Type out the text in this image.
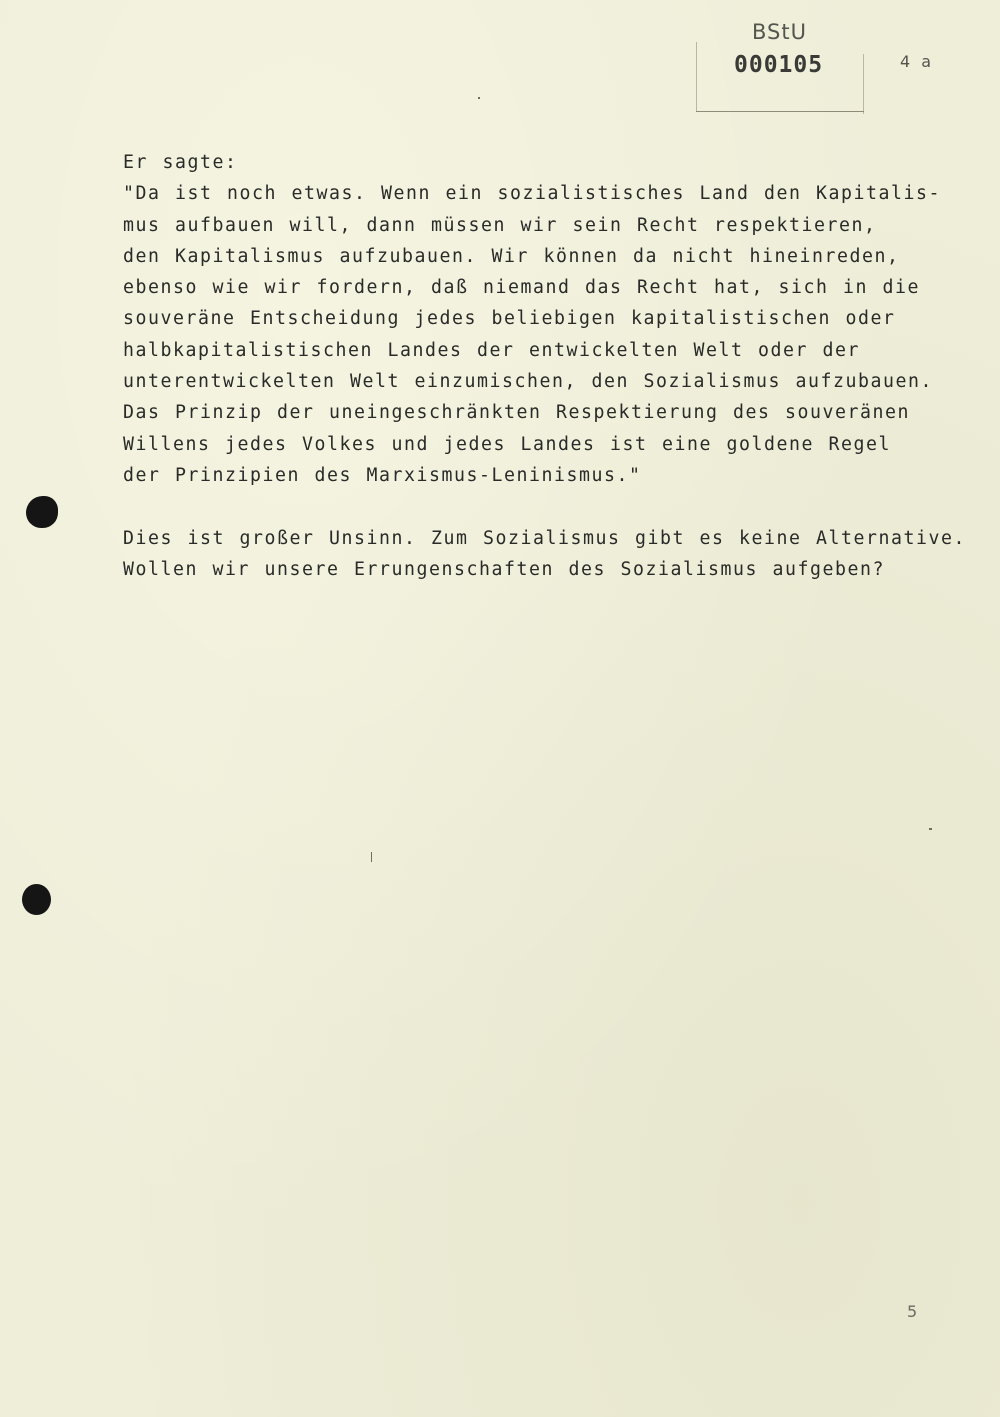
BStU
000105	4 a

Er sagte:

"Da ist noch etwas. Wenn ein sozialistisches Land den Kapitalis-

mus aufbauen will, dann müssen wir sein Recht respektieren,

den Kapitalismus aufzubauen. Wir können da nicht hineinreden,

ebenso wie wir fordern, daß niemand das Recht hat, sich in die

souveräne Entscheidung jedes beliebigen kapitalistischen oder

halbkapitalistischen Landes der entwickelten Welt oder der

unterentwickelten Welt einzumischen, den Sozialismus aufzubauen.

Das Prinzip der uneingeschränkten Respektierung des souveränen

Willens jedes Volkes und jedes Landes ist eine goldene Regel

der Prinzipien des Marxismus-Leninismus."

Dies ist großer Unsinn. Zum Sozialismus gibt es keine Alternative.

Wollen wir unsere Errungenschaften des Sozialismus aufgeben?

5
